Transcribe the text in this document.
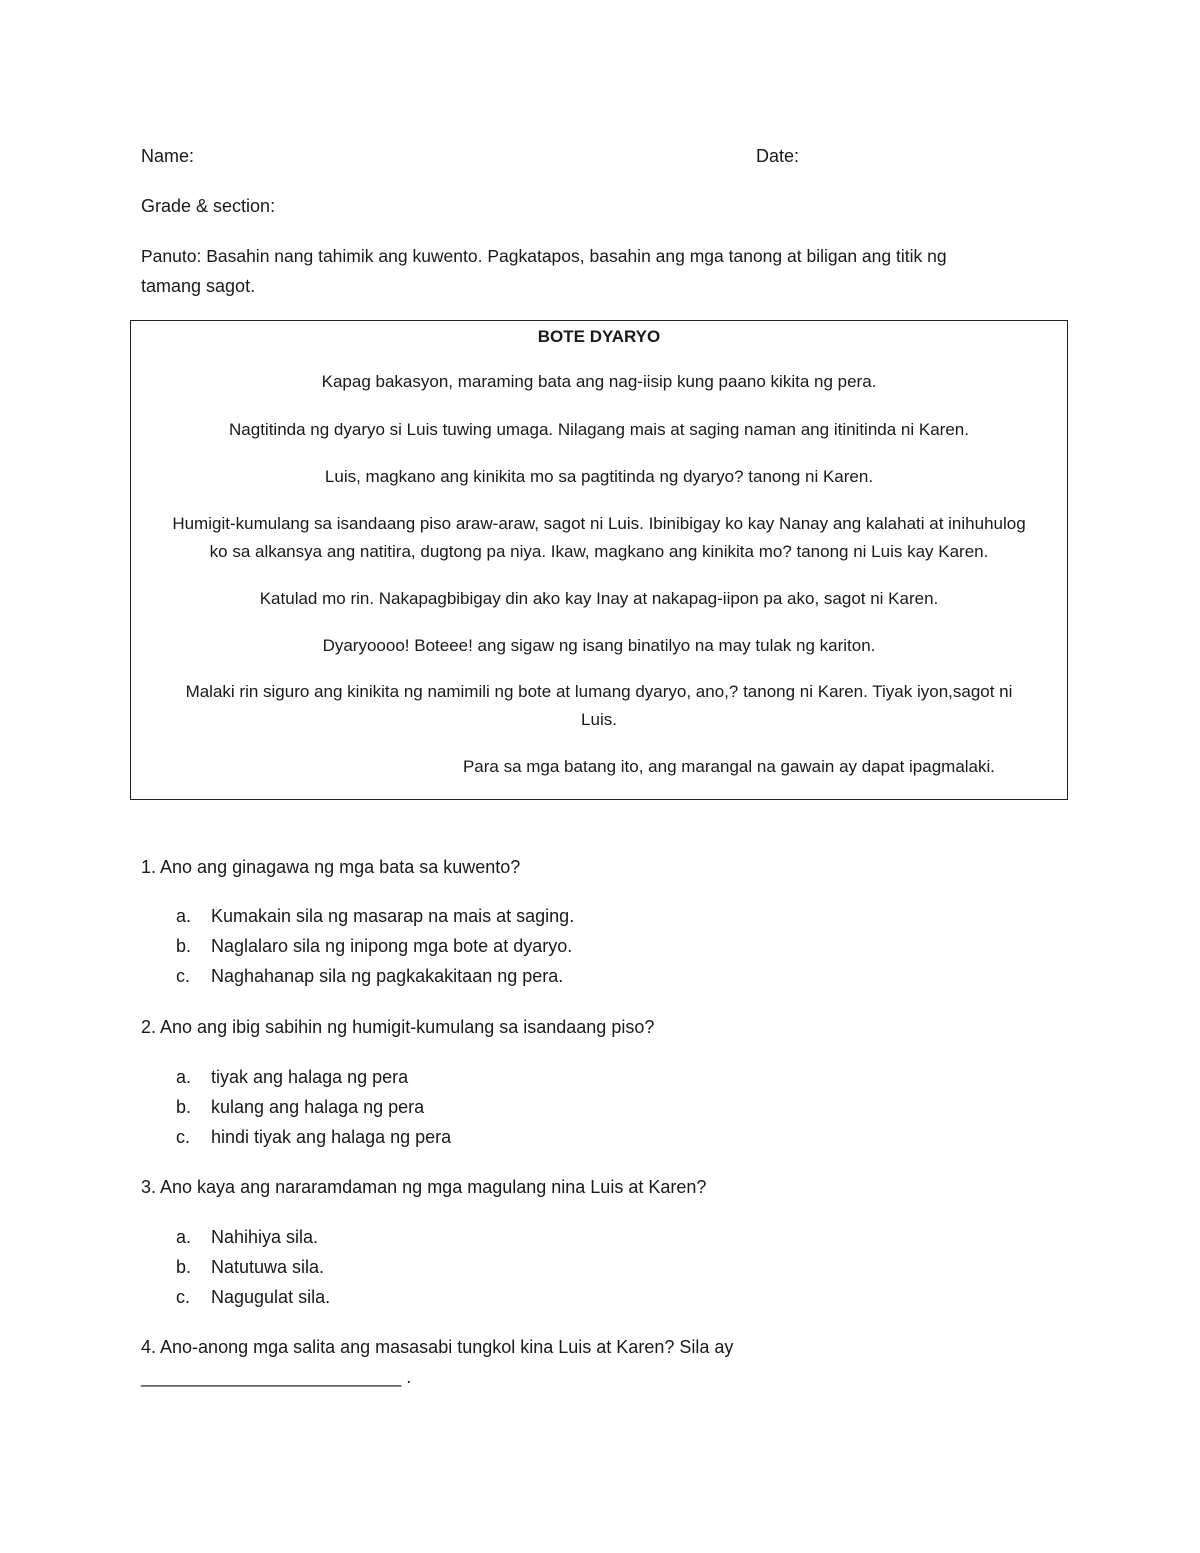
Name:	Date:
Grade & section:
Panuto: Basahin nang tahimik ang kuwento. Pagkatapos, basahin ang mga tanong at biligan ang titik ng
tamang sagot.
BOTE DYARYO
Kapag bakasyon, maraming bata ang nag-iisip kung paano kikita ng pera.
Nagtitinda ng dyaryo si Luis tuwing umaga. Nilagang mais at saging naman ang itinitinda ni Karen.
Luis, magkano ang kinikita mo sa pagtitinda ng dyaryo? tanong ni Karen.
Humigit-kumulang sa isandaang piso araw-araw, sagot ni Luis. Ibinibigay ko kay Nanay ang kalahati at inihuhulog
ko sa alkansya ang natitira, dugtong pa niya. Ikaw, magkano ang kinikita mo? tanong ni Luis kay Karen.
Katulad mo rin. Nakapagbibigay din ako kay Inay at nakapag-iipon pa ako, sagot ni Karen.
Dyaryoooo! Boteee! ang sigaw ng isang binatilyo na may tulak ng kariton.
Malaki rin siguro ang kinikita ng namimili ng bote at lumang dyaryo, ano,? tanong ni Karen. Tiyak iyon,sagot ni
Luis.
Para sa mga batang ito, ang marangal na gawain ay dapat ipagmalaki.
1. Ano ang ginagawa ng mga bata sa kuwento?
a. Kumakain sila ng masarap na mais at saging.
b. Naglalaro sila ng inipong mga bote at dyaryo.
c. Naghahanap sila ng pagkakakitaan ng pera.
2. Ano ang ibig sabihin ng humigit-kumulang sa isandaang piso?
a. tiyak ang halaga ng pera
b. kulang ang halaga ng pera
c. hindi tiyak ang halaga ng pera
3. Ano kaya ang nararamdaman ng mga magulang nina Luis at Karen?
a. Nahihiya sila.
b. Natutuwa sila.
c. Nagugulat sila.
4. Ano-anong mga salita ang masasabi tungkol kina Luis at Karen? Sila ay
__________________________ .
